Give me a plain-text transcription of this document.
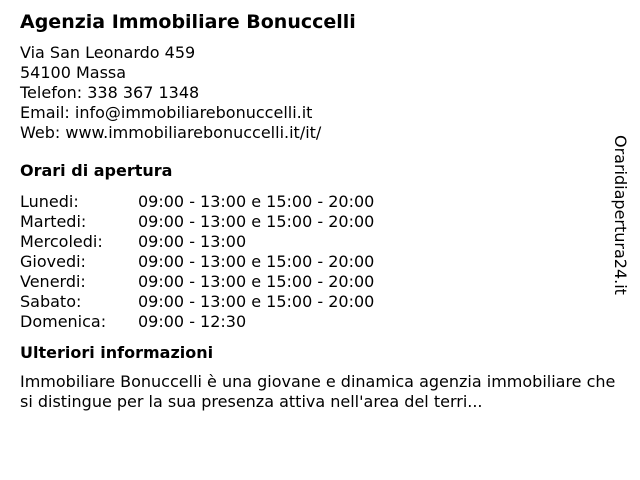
Agenzia Immobiliare Bonuccelli
Via San Leonardo 459
54100 Massa
Telefon: 338 367 1348
Email: info@immobiliarebonuccelli.it
Web: www.immobiliarebonuccelli.it/it/
Orari di apertura
Lunedi:	09:00 - 13:00 e 15:00 - 20:00
Martedi:	09:00 - 13:00 e 15:00 - 20:00
Mercoledi:	09:00 - 13:00
Giovedi:	09:00 - 13:00 e 15:00 - 20:00
Venerdi:	09:00 - 13:00 e 15:00 - 20:00
Sabato:	09:00 - 13:00 e 15:00 - 20:00
Domenica:	09:00 - 12:30
Ulteriori informazioni
Immobiliare Bonuccelli è una giovane e dinamica agenzia immobiliare che si distingue per la sua presenza attiva nell'area del terri...
Oraridiapertura24.it
